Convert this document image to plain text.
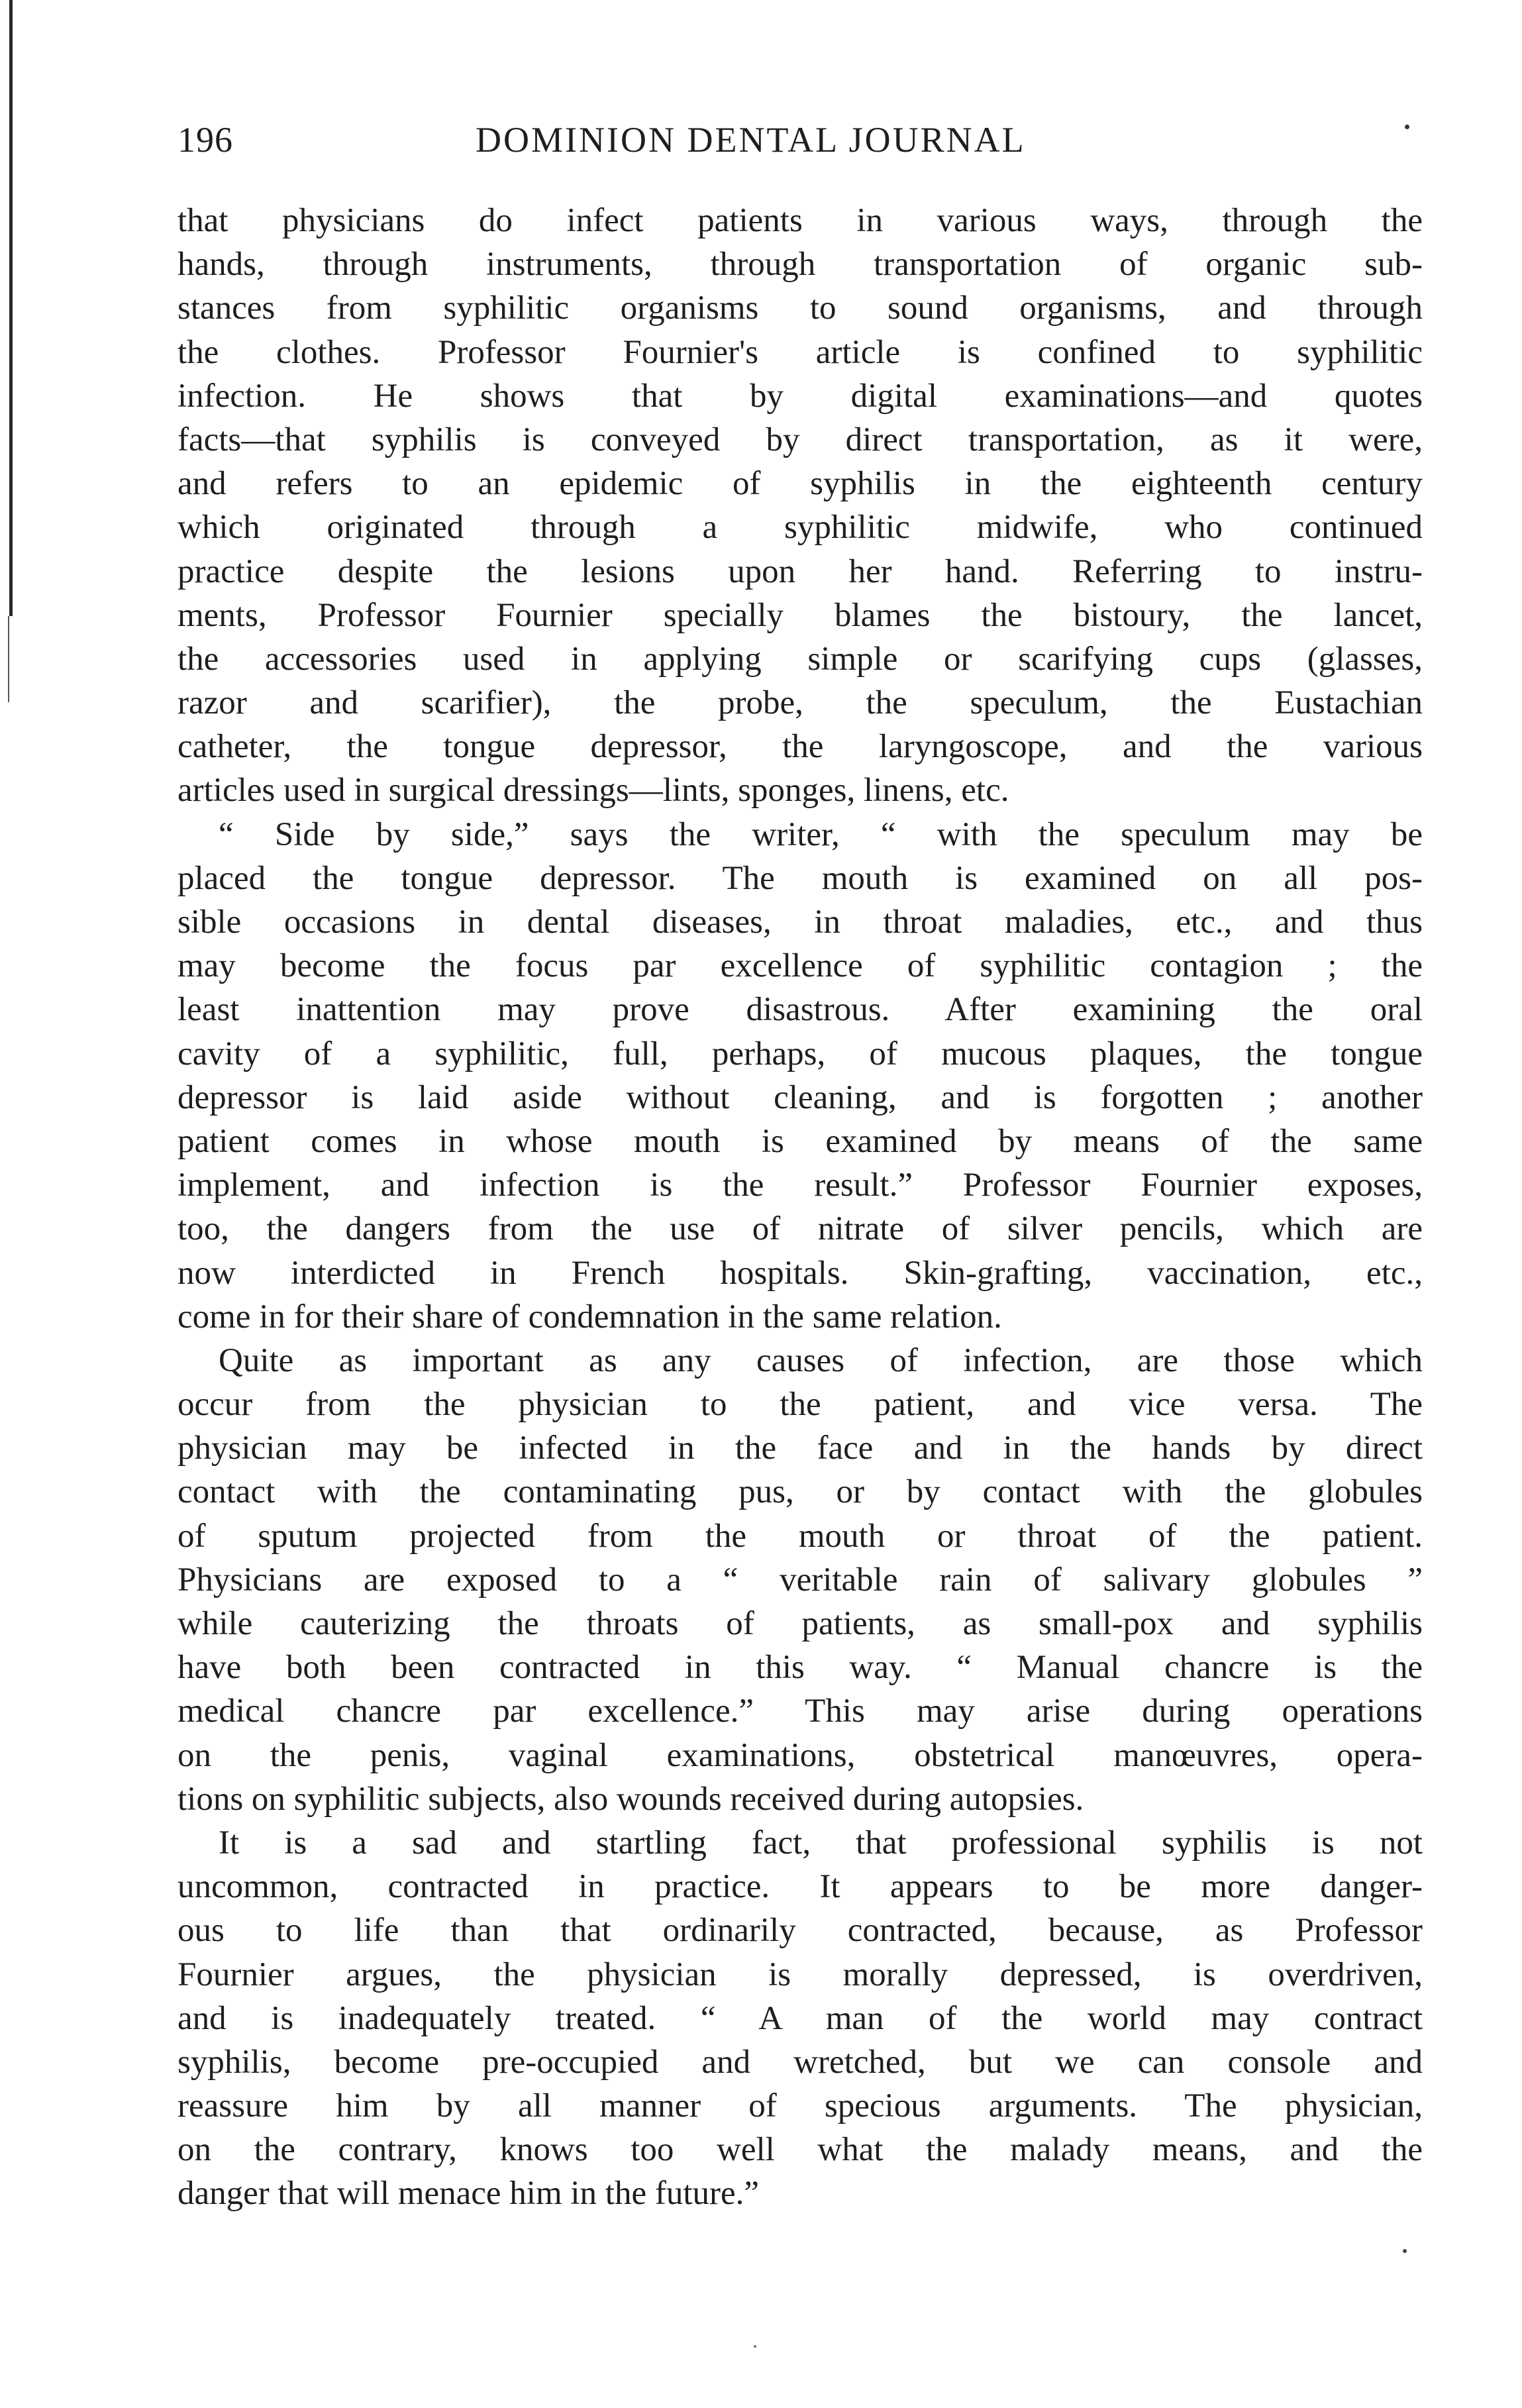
196	DOMINION DENTAL JOURNAL
that physicians do infect patients in various ways, through the
hands, through instruments, through transportation of organic sub-
stances from syphilitic organisms to sound organisms, and through
the clothes. Professor Fournier's article is confined to syphilitic
infection. He shows that by digital examinations—and quotes
facts—that syphilis is conveyed by direct transportation, as it were,
and refers to an epidemic of syphilis in the eighteenth century
which originated through a syphilitic midwife, who continued
practice despite the lesions upon her hand. Referring to instru-
ments, Professor Fournier specially blames the bistoury, the lancet,
the accessories used in applying simple or scarifying cups (glasses,
razor and scarifier), the probe, the speculum, the Eustachian
catheter, the tongue depressor, the laryngoscope, and the various
articles used in surgical dressings—lints, sponges, linens, etc.
“ Side by side,” says the writer, “ with the speculum may be
placed the tongue depressor. The mouth is examined on all pos-
sible occasions in dental diseases, in throat maladies, etc., and thus
may become the focus par excellence of syphilitic contagion ; the
least inattention may prove disastrous. After examining the oral
cavity of a syphilitic, full, perhaps, of mucous plaques, the tongue
depressor is laid aside without cleaning, and is forgotten ; another
patient comes in whose mouth is examined by means of the same
implement, and infection is the result.” Professor Fournier exposes,
too, the dangers from the use of nitrate of silver pencils, which are
now interdicted in French hospitals. Skin-grafting, vaccination, etc.,
come in for their share of condemnation in the same relation.
Quite as important as any causes of infection, are those which
occur from the physician to the patient, and vice versa. The
physician may be infected in the face and in the hands by direct
contact with the contaminating pus, or by contact with the globules
of sputum projected from the mouth or throat of the patient.
Physicians are exposed to a “ veritable rain of salivary globules ”
while cauterizing the throats of patients, as small-pox and syphilis
have both been contracted in this way. “ Manual chancre is the
medical chancre par excellence.” This may arise during operations
on the penis, vaginal examinations, obstetrical manœuvres, opera-
tions on syphilitic subjects, also wounds received during autopsies.
It is a sad and startling fact, that professional syphilis is not
uncommon, contracted in practice. It appears to be more danger-
ous to life than that ordinarily contracted, because, as Professor
Fournier argues, the physician is morally depressed, is overdriven,
and is inadequately treated. “ A man of the world may contract
syphilis, become pre-occupied and wretched, but we can console and
reassure him by all manner of specious arguments. The physician,
on the contrary, knows too well what the malady means, and the
danger that will menace him in the future.”
